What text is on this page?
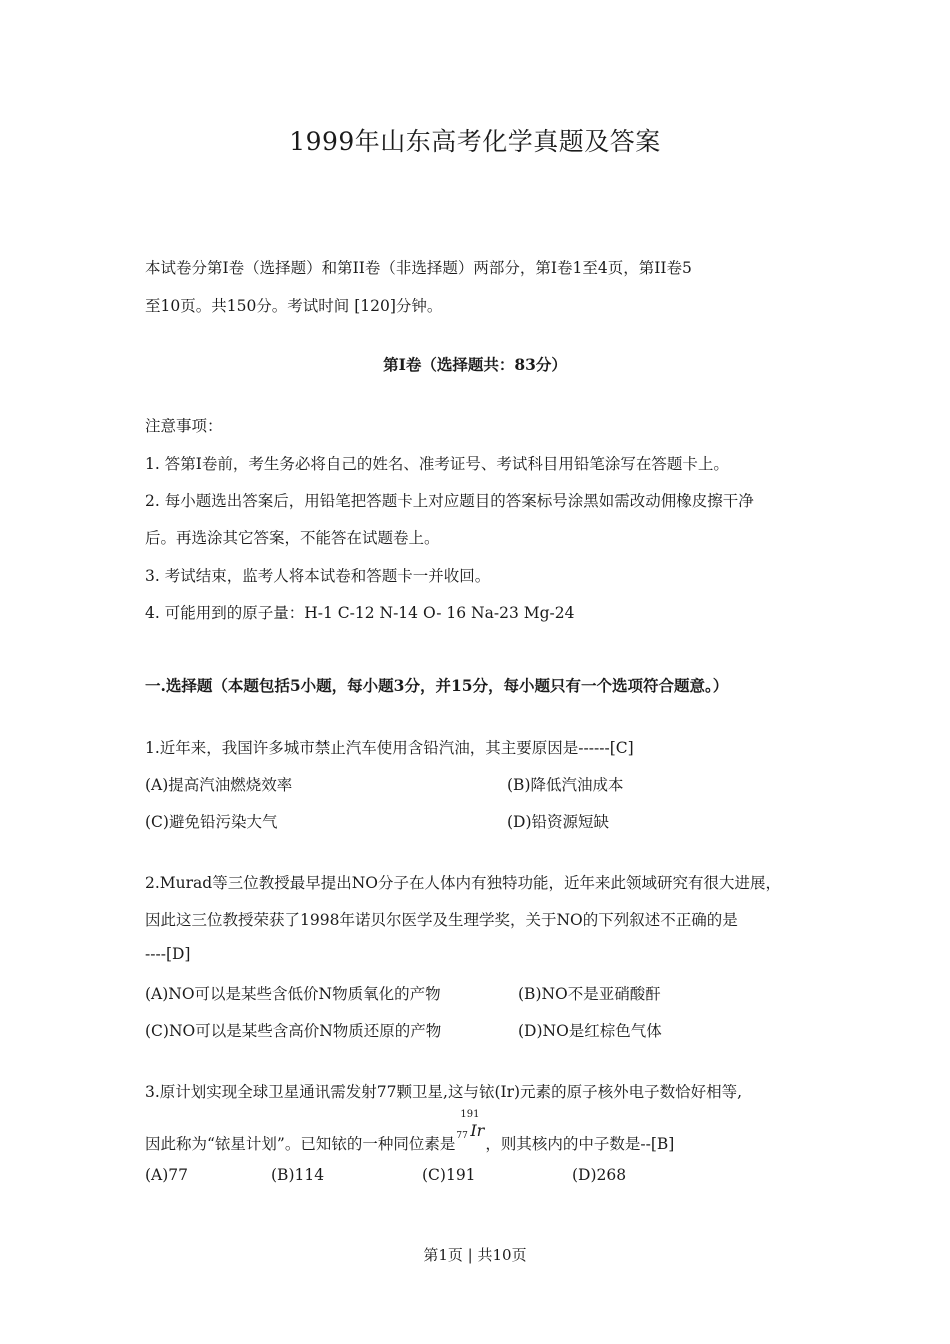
1999年山东高考化学真题及答案
本试卷分第I卷（选择题）和第II卷（非选择题）两部分，第I卷1至4页，第II卷5
至10页。共150分。考试时间 [120]分钟。
第I卷（选择题共：83分）
注意事项：
1. 答第I卷前，考生务必将自己的姓名、准考证号、考试科目用铅笔涂写在答题卡上。
2. 每小题选出答案后，用铅笔把答题卡上对应题目的答案标号涂黑如需改动佣橡皮擦干净
后。再选涂其它答案，不能答在试题卷上。
3. 考试结束，监考人将本试卷和答题卡一并收回。
4. 可能用到的原子量：H-1 C-12 N-14 O- 16 Na-23 Mg-24
一.选择题（本题包括5小题，每小题3分，并15分，每小题只有一个选项符合题意。）
1.近年来，我国许多城市禁止汽车使用含铅汽油，其主要原因是------[C]
(A)提高汽油燃烧效率	(B)降低汽油成本
(C)避免铅污染大气	(D)铅资源短缺
2.Murad等三位教授最早提出NO分子在人体内有独特功能，近年来此领域研究有很大进展，
因此这三位教授荣获了1998年诺贝尔医学及生理学奖，关于NO的下列叙述不正确的是
----[D]
(A)NO可以是某些含低价N物质氧化的产物	(B)NO不是亚硝酸酐
(C)NO可以是某些含高价N物质还原的产物	(D)NO是红棕色气体
3.原计划实现全球卫星通讯需发射77颗卫星,这与铱(Ir)元素的原子核外电子数恰好相等,
因此称为“铱星计划”。已知铱的一种同位素是
191
77 Ir
，则其核内的中子数是--[B]
(A)77	(B)114	(C)191	(D)268
第1页 | 共10页
